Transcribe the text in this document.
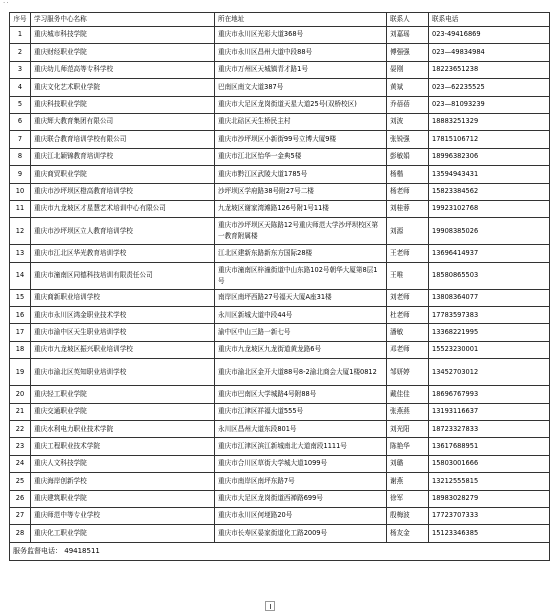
··
序号	学习服务中心名称	所在地址	联系人	联系电话
1	重庆城市科技学院	重庆市永川区光彩大道368号	刘嘉瑶	023-49416869
2	重庆财经职业学院	重庆市永川区昌州大道中段88号	傅强强	023—49834984
3	重庆幼儿师范高等专科学校	重庆市万州区天城镇青才路1号	晏刚	18223651238
4	重庆文化艺术职业学院	巴南区南文大道387号	黄斌	023—62235525
5	重庆科技职业学院	重庆市大足区龙岗街道天星大道25号(双桥校区)	乔蓓蓓	023—81093239
6	重庆辉大教育集团有限公司	重庆北碚区天生桥民主村	刘波	18883251329
7	重庆联合教育培训学校有限公司	重庆市沙坪坝区小新街99号立博大厦9楼	张锐强	17815106712
8	重庆江北颖锦教育培训学校	重庆市江北区怡华一金典5楼	彭敏娟	18996382306
9	重庆商贸职业学院	重庆市黔江区武陵大道1785号	杨楷	13594943431
10	重庆市沙坪坝区橙高教育培训学校	沙坪坝区学府路38号附27号二楼	杨老师	15823384562
11	重庆市九龙坡区才星慧艺术培训中心有限公司	九龙坡区谢家湾滩路126号附1号11楼	刘桂蓉	19923102768
12	重庆市沙坪坝区立人教育培训学校	重庆市沙坪坝区天陈路12号重庆师范大学沙坪坝校区第一教育附属楼	刘源	19908385026
13	重庆市江北区华光教育培训学校	江北区建新东路新东方国际28楼	王老师	13696414937
14	重庆市潼南区同德科技培训有限责任公司	重庆市潼南区梓潼街道中山东路102号朝华大厦第8层1号	王唯	18580865503
15	重庆商新职业培训学校	南岸区南坪西路27号福天大厦A座31楼	刘老师	13808364077
16	重庆市永川区鸿金职业技术学校	永川区新城大道中段44号	杜老师	17783597383
17	重庆市渝中区天生职业培训学校	渝中区中山三路一新七号	潘敏	13368221995
18	重庆市九龙坡区振兴职业培训学校	重庆市九龙坡区九龙街道黄龙路6号	邓老师	15523230001
19	重庆市渝北区英知职业培训学校	重庆市渝北区金开大道88号8-2渝北商会大厦1楼0812	邹妍婷	13452703012
20	重庆轻工职业学院	重庆市巴南区大学城路4号附88号	戴佳佳	18696767993
21	重庆交通职业学院	重庆市江津区祥福大道555号	张燕燕	13193116637
22	重庆水利电力职业技术学院	永川区昌州大道东段801号	刘光阳	18723327833
23	重庆工程职业技术学院	重庆市江津区滨江新城南北大道南段1111号	陈艳华	13617688951
24	重庆人文科技学院	重庆市合川区草街大学城大道1099号	刘璐	15803001666
25	重庆海岸创新学校	重庆市南岸区南坪东路7号	谢燕	13212555815
26	重庆建筑职业学院	重庆市大足区龙岗街道西禅路699号	徐军	18983028279
27	重庆师范中等专业学校	重庆市永川区何埂路20号	殷梅波	17723707333
28	重庆化工职业学院	重庆市长寿区晏家街道化工路2009号	杨友金	15123346385
服务监督电话： 49418511				
